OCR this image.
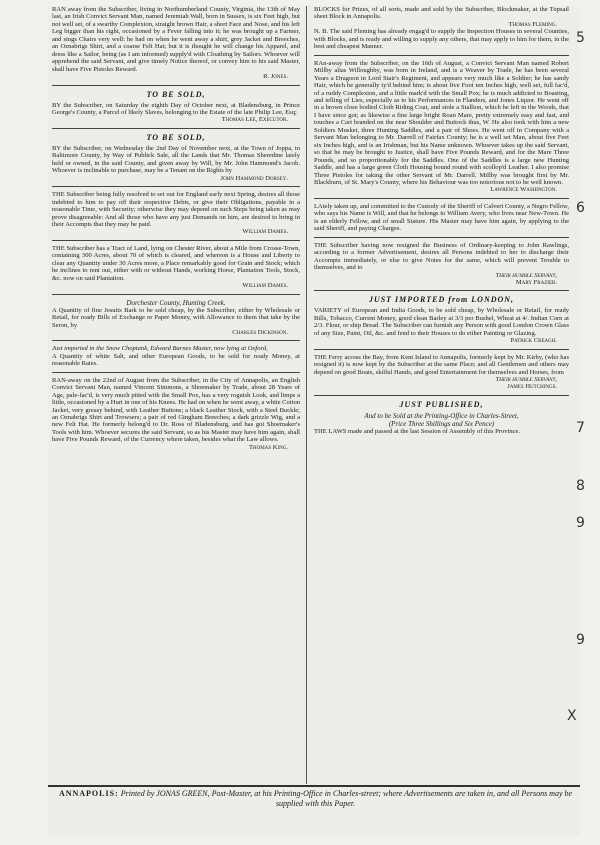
RAN away from the Subscriber, living in Northumberland County, Virginia, the 13th of May last, an Irish Convict Servant Man, named Jeremiah Wall, born in Sussex, is six Feet high, but not well set, of a swarthy Complexion, straight brown Hair, a short Face and Nose, and his left Leg bigger than his right, occasioned by a Fever falling into it; he was brought up a Farmer, and sings Chairs very well: he had on when he went away a shirt, grey Jacket and Breeches, an Oznabrigs Shirt, and a coarse Felt Hat; but it is thought he will change his Apparel, and dress like a Sailor, being (as I am informed) supply'd with Cloathing by Sailors. Whoever will apprehend the said Servant, and give timely Notice thereof, or convey him to his said Master, shall have Five Pistoles Reward.

R. Jones.

TO BE SOLD,

BY the Subscriber, on Saturday the eighth Day of October next, at Bladensburg, in Prince George's County, a Parcel of likely Slaves, belonging to the Estate of the late Philip Lee, Esq;

Thomas Lee, Executor.

TO BE SOLD,

BY the Subscriber, on Wednesday the 2nd Day of November next, at the Town of Joppa, in Baltimore County, by Way of Publick Sale, all the Lands that Mr. Thomas Sheredine lately held or owned, in the said County, and given away by Will, by Mr. John Hammond's Jacob. Whoever is inclinable to purchase, may be a Tenant on the Rights by

John Hammond Dorsey.

THE Subscriber being fully resolved to set out for England early next Spring, desires all those indebted to him to pay off their respective Debts, or give their Obligations, payable in a reasonable Time, with Security; otherwise they may depend on such Steps being taken as may prove disagreeable: And all those who have any just Demands on him, are desired to bring in their Accompts that they may be paid.

William Dames.

THE Subscriber has a Tract of Land, lying on Chester River, about a Mile from Crosse-Town, containing 300 Acres, about 70 of which is cleared, and whereon is a House and Liberty to clear any Quantity under 30 Acres more, a Place remarkably good for Grain and Stock; which he inclines to rent out, either with or without Hands, working Horse, Plantation Tools, Stock, &c. now on said Plantation.

William Dames.

Dorchester County, Hunting Creek.

A Quantity of fine Jesuits Bark to be sold cheap, by the Subscriber, either by Wholesale or Retail, for ready Bills of Exchange or Paper Money, with Allowance to them that take by the Seron, by

Charles Dickinson.

Just imported in the Snow Choptank, Edward Barnes Master, now lying at Oxford,

A Quantity of white Salt, and other European Goods, to be sold for ready Money, at reasonable Rates.

RAN-away on the 22nd of August from the Subscriber, in the City of Annapolis, an English Convict Servant Man, named Vincent Simmons, a Shoemaker by Trade, about 28 Years of Age, pale-fac'd, is very much pitted with the Small Pox, has a very roguish Look, and limps a little, occasioned by a Hurt in one of his Knees. He had on when he went away, a white Cotton Jacket, very greasy behind, with Leather Buttons; a black Leather Stock, with a Steel Buckle; an Oznabrigs Shirt and Trowsers; a pair of red Gingham Breeches; a dark grizzle Wig, and a new Felt Hat. He formerly belong'd to Dr. Ross of Bladensburg, and has got Shoemaker's Tools with him. Whoever secures the said Servant, so as his Master may have him again, shall have Five Pounds Reward, of the Currency where taken, besides what the Law allows.

Thomas King.

BLOCKS for Prizes, of all sorts, made and sold by the Subscriber, Blockmaker, at the Topsail sheet Block in Annapolis.

Thomas Fleming.

N. B. The said Fleming has already engag'd to supply the Inspection Houses in several Counties, with Blocks, and is ready and willing to supply any others, that may apply to him for them, in the best and cheapest Manner.

RAn-away from the Subscriber, on the 16th of August, a Convict Servant Man named Robert Millby alias Willoughby, was born in Ireland, and is a Weaver by Trade, he has been several Years a Dragoon in Lord Stair's Regiment, and appears very much like a Soldier; he has sandy Hair, which he generally ty'd behind him; is about five Foot ten Inches high, well set, full fac'd, of a ruddy Complexion, and a little mark'd with the Small Pox; he is much addicted to Boasting, and telling of Lies, especially as to his Performances in Flanders, and Jones Liquor. He went off in a brown close bodied Cloth Riding Coat, and stole a Stallion, which he left in the Woods, that I have since got; as likewise a fine large bright Roan Mare, pretty extremely easy and fast, and touches a Cart branded on the near Shoulder and Buttock thus, W. He also took with him a new Soldiers Musket, three Hunting Saddles, and a pair of Shoes. He went off in Company with a Servant Man belonging to Mr. Darrell of Fairfax County; he is a well set Man, about five Feet six Inches high, and is an Irishman, but his Name unknown. Whoever takes up the said Servant, so that he may be brought to Justice, shall have Five Pounds Reward, and for the Mare Three Pounds, and so proportionably for the Saddles. One of the Saddles is a large new Hunting Saddle, and has a large green Cloth Housing bound round with scollop'd Leather. I also promise Three Pistoles for taking the other Servant of Mr. Darrell. Millby was brought first by Mr. Blackburn, of St. Mary's County, where his Behaviour was too notorious not to be well known.

Lawrence Washington.

LAtely taken up, and committed to the Custody of the Sheriff of Calvert County, a Negro Fellow, who says his Name is Will, and that he belongs to William Avery, who lives near New-Town. He is an elderly Fellow, and of small Stature. His Master may have him again, by applying to the said Sheriff, and paying Charges.

THE Subscriber having now resigned the Business of Ordinary-keeping to John Rawlings, according to a former Advertisement, desires all Persons indebted to her to discharge their Accompts immediately, or else to give Notes for the same, which will prevent Trouble to themselves, and to

Their humble Servant,

Mary Frazier.

JUST IMPORTED from LONDON,

VARIETY of European and India Goods, to be sold cheap, by Wholesale or Retail, for ready Bills, Tobacco, Current Money, good clean Barley at 3/3 per Bushel, Wheat at 4/. Indian Corn at 2/3. Flour, or ship Bread. The Subscriber can furnish any Person with good London Crown Glass of any Size, Paint, Oil, &c. and fend to their Houses to do either Painting or Glazing.

Patrick Creagh.

THE Ferry across the Bay, from Kent Island to Annapolis, formerly kept by Mr. Kirby, (who has resigned it) is now kept by the Subscriber at the same Place; and all Gentlemen and others may depend on good Boats, skilful Hands, and good Entertainment for themselves and Horses, from

Their humble Servant,

James Hutchings.

JUST PUBLISHED,

And to be Sold at the Printing-Office in Charles-Street,

(Price Three Shillings and Six Pence)

THE LAWS made and passed at the last Session of Assembly of this Province.

ANNAPOLIS: Printed by JONAS GREEN, Post-Master, at his Printing-Office in Charles-street; where Advertisements are taken in, and all Persons may be supplied with this Paper.
5
6
7
8
9
9
X
